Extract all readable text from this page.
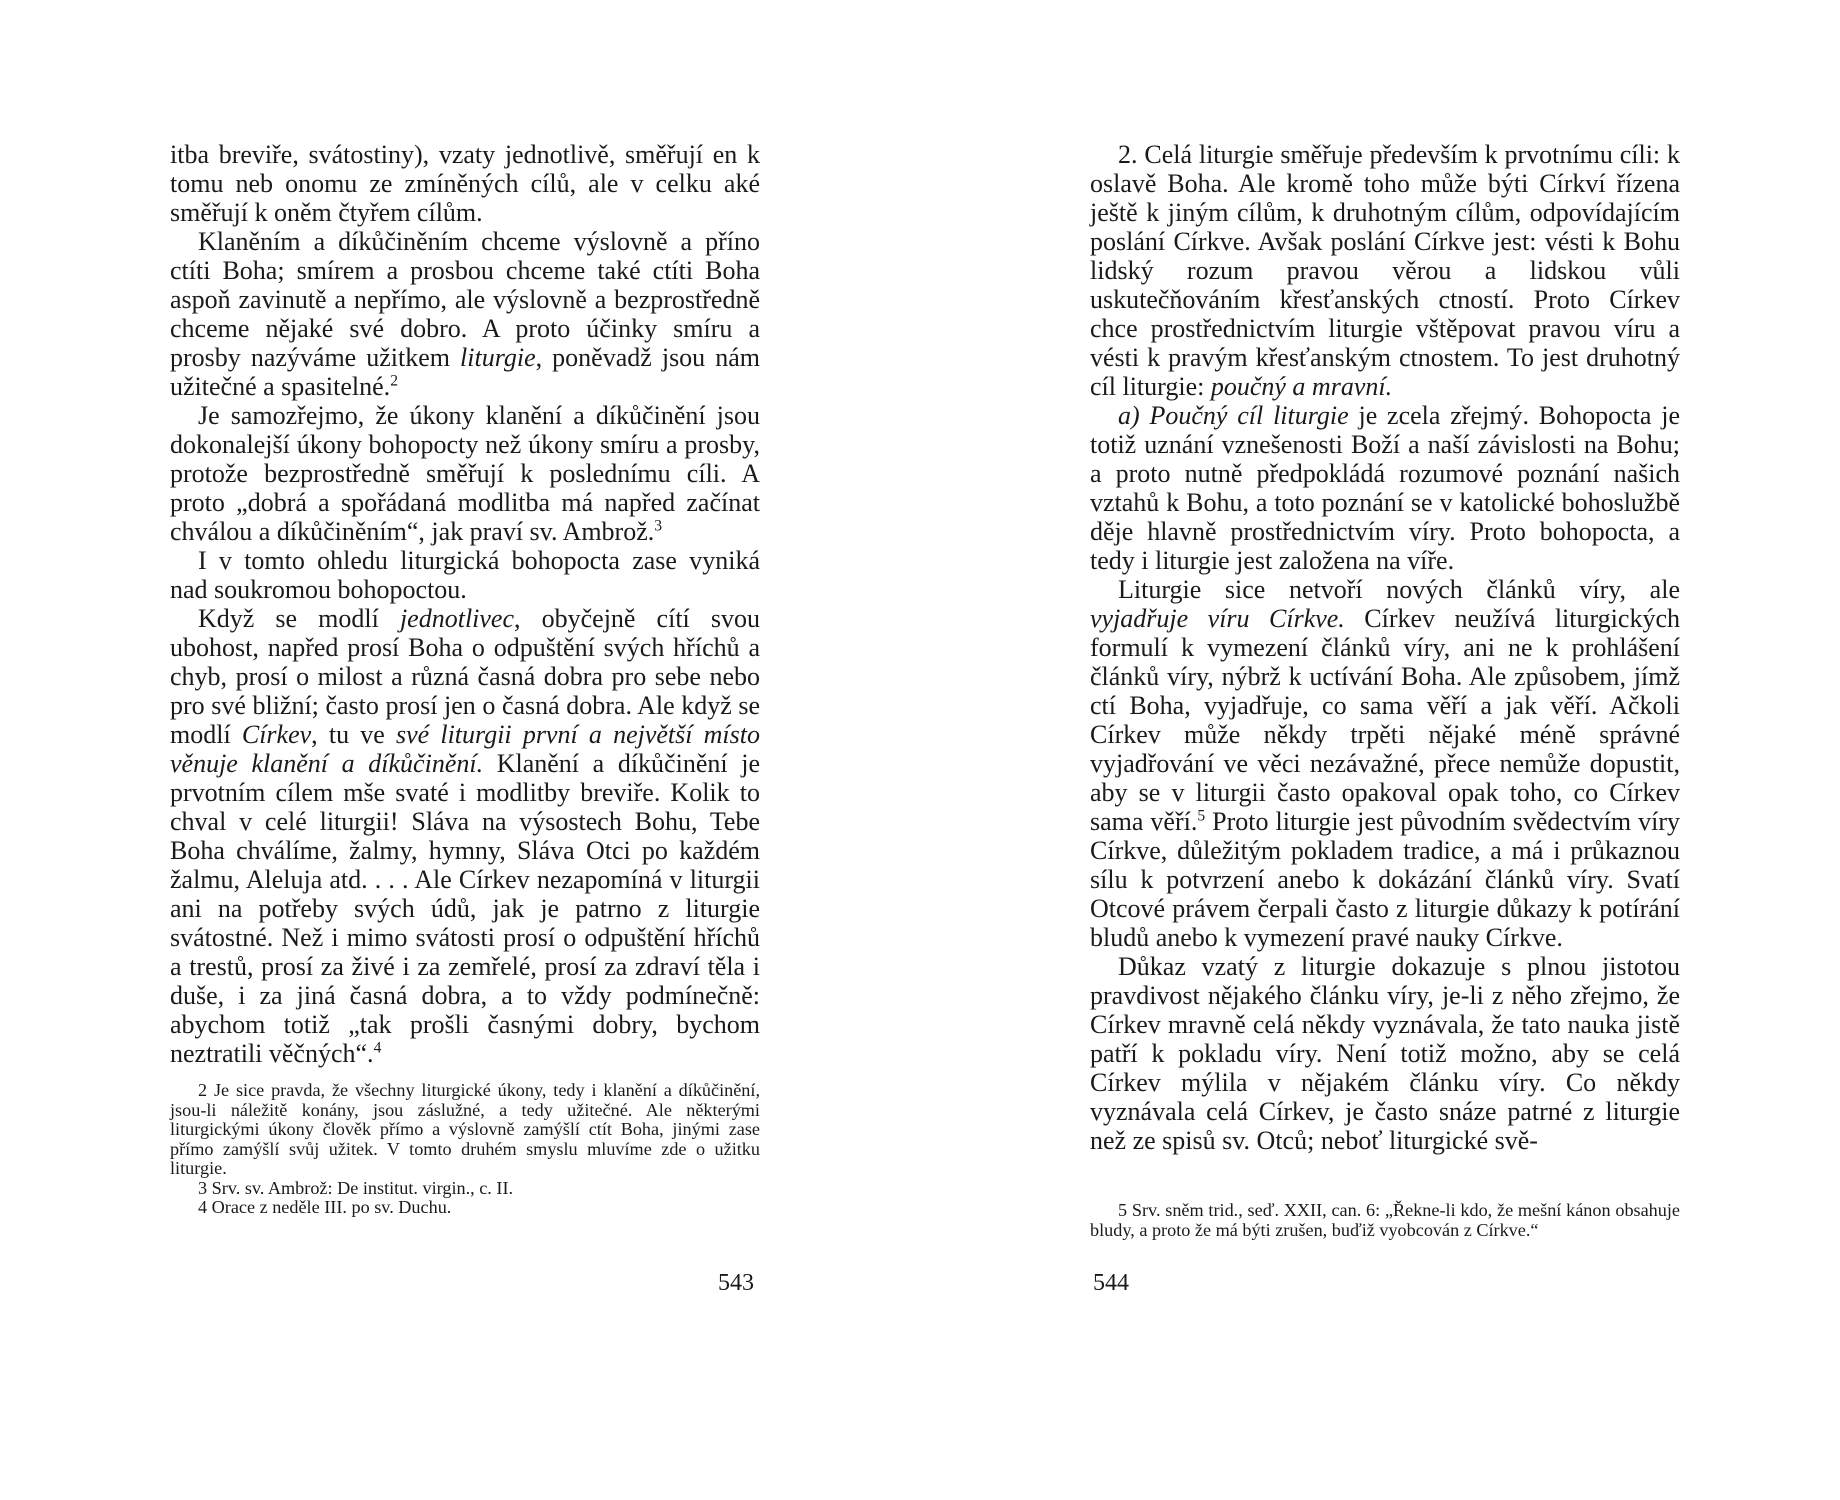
itba breviře, svátostiny), vzaty jednotlivě, směřují en k tomu neb onomu ze zmíněných cílů, ale v celku aké směřují k oněm čtyřem cílům.

Klaněním a díkůčiněním chceme výslovně a příno ctíti Boha; smírem a prosbou chceme také ctíti Boha aspoň zavinutě a nepřímo, ale výslovně a bezprostředně chceme nějaké své dobro. A proto účinky smíru a prosby nazýváme užitkem liturgie, poněvadž jsou nám užitečné a spasitelné.$^2$

Je samozřejmo, že úkony klanění a díkůčinění jsou dokonalejší úkony bohopocty než úkony smíru a prosby, protože bezprostředně směřují k poslednímu cíli. A proto „dobrá a spořádaná modlitba má napřed začínat chválou a díkůčiněním“, jak praví sv. Ambrož.$^3$

I v tomto ohledu liturgická bohopocta zase vyniká nad soukromou bohopoctou.

Když se modlí jednotlivec, obyčejně cítí svou ubohost, napřed prosí Boha o odpuštění svých hříchů a chyb, prosí o milost a různá časná dobra pro sebe nebo pro své bližní; často prosí jen o časná dobra. Ale když se modlí Církev, tu ve své liturgii první a největší místo věnuje klanění a díkůčinění. Klanění a díkůčinění je prvotním cílem mše svaté i modlitby breviře. Kolik to chval v celé liturgii! Sláva na výsostech Bohu, Tebe Boha chválíme, žalmy, hymny, Sláva Otci po každém žalmu, Aleluja atd. . . . Ale Církev nezapomíná v liturgii ani na potřeby svých údů, jak je patrno z liturgie svátostné. Než i mimo svátosti prosí o odpuštění hříchů a trestů, prosí za živé i za zemřelé, prosí za zdraví těla i duše, i za jiná časná dobra, a to vždy podmínečně: abychom totiž „tak prošli časnými dobry, bychom neztratili věčných“.$^4$

2 Je sice pravda, že všechny liturgické úkony, tedy i klanění a díkůčinění, jsou-li náležitě konány, jsou záslužné, a tedy užitečné. Ale některými liturgickými úkony člověk přímo a výslovně zamýšlí ctít Boha, jinými zase přímo zamýšlí svůj užitek. V tomto druhém smyslu mluvíme zde o užitku liturgie.

3 Srv. sv. Ambrož: De institut. virgin., c. II.

4 Orace z neděle III. po sv. Duchu.

2. Celá liturgie směřuje především k prvotnímu cíli: k oslavě Boha. Ale kromě toho může býti Církví řízena ještě k jiným cílům, k druhotným cílům, odpovídajícím poslání Církve. Avšak poslání Církve jest: vésti k Bohu lidský rozum pravou věrou a lidskou vůli uskutečňováním křesťanských ctností. Proto Církev chce prostřednictvím liturgie vštěpovat pravou víru a vésti k pravým křesťanským ctnostem. To jest druhotný cíl liturgie: poučný a mravní.

a) Poučný cíl liturgie je zcela zřejmý. Bohopocta je totiž uznání vznešenosti Boží a naší závislosti na Bohu; a proto nutně předpokládá rozumové poznání našich vztahů k Bohu, a toto poznání se v katolické bohoslužbě děje hlavně prostřednictvím víry. Proto bohopocta, a tedy i liturgie jest založena na víře.

Liturgie sice netvoří nových článků víry, ale vyjadřuje víru Církve. Církev neužívá liturgických formulí k vymezení článků víry, ani ne k prohlášení článků víry, nýbrž k uctívání Boha. Ale způsobem, jímž ctí Boha, vyjadřuje, co sama věří a jak věří. Ačkoli Církev může někdy trpěti nějaké méně správné vyjadřování ve věci nezávažné, přece nemůže dopustit, aby se v liturgii často opakoval opak toho, co Církev sama věří.$^5$ Proto liturgie jest původním svědectvím víry Církve, důležitým pokladem tradice, a má i průkaznou sílu k potvrzení anebo k dokázání článků víry. Svatí Otcové právem čerpali často z liturgie důkazy k potírání bludů anebo k vymezení pravé nauky Církve.

Důkaz vzatý z liturgie dokazuje s plnou jistotou pravdivost nějakého článku víry, je-li z něho zřejmo, že Církev mravně celá někdy vyznávala, že tato nauka jistě patří k pokladu víry. Není totiž možno, aby se celá Církev mýlila v nějakém článku víry. Co někdy vyznávala celá Církev, je často snáze patrné z liturgie než ze spisů sv. Otců; neboť liturgické svě-

5 Srv. sněm trid., seď. XXII, can. 6: „Řekne-li kdo, že mešní kánon obsahuje bludy, a proto že má býti zrušen, buďiž vyobcován z Církve.“

543	544
